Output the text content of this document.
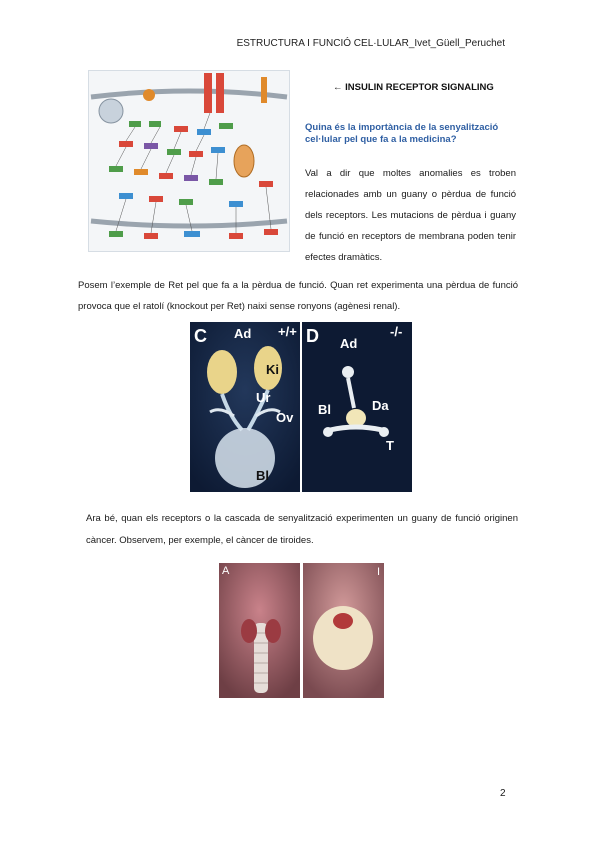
ESTRUCTURA I FUNCIÓ CEL·LULAR_Ivet_Güell_Peruchet
← INSULIN RECEPTOR SIGNALING
Quina és la importància de la senyalització cel·lular pel que fa a la medicina?
Val a dir que moltes anomalies es troben relacionades amb un guany o pèrdua de funció dels receptors. Les mutacions de pèrdua i guany de funció en receptors de membrana poden tenir efectes dramàtics.
Posem l’exemple de Ret pel que fa a la pèrdua de funció. Quan ret experimenta una pèrdua de funció provoca que el ratolí (knockout per Ret) naixi sense ronyons (agènesi renal).
C	+/+
Ad
Ki
Ur
Ov
Bl
D	-/-
Ad
Da
Bl
T
Ara bé, quan els receptors o la cascada de senyalització experimenten un guany de funció originen càncer. Observem, per exemple, el càncer de tiroides.
A	I
2
